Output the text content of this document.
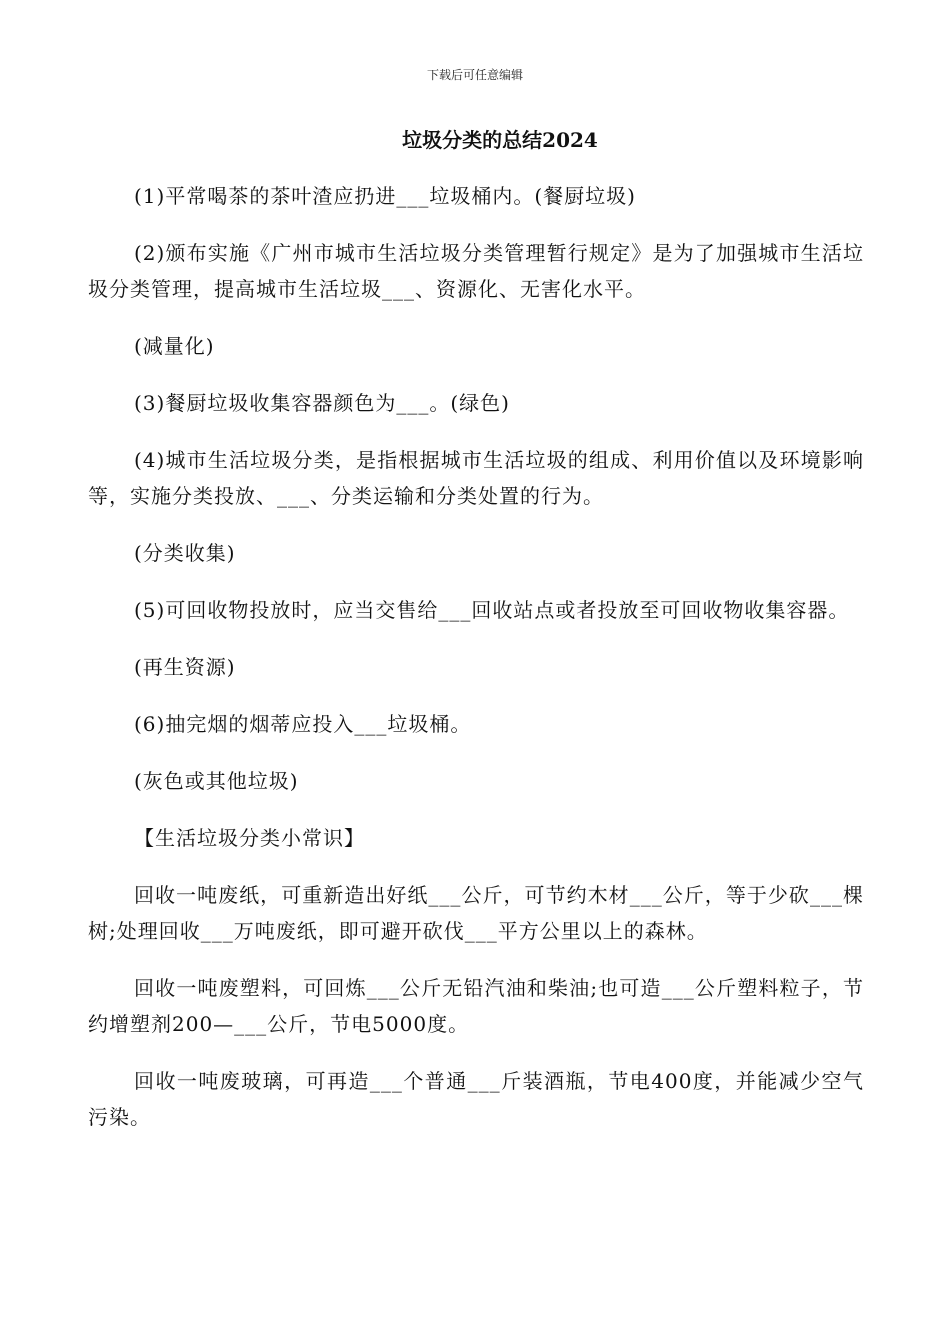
下载后可任意编辑
垃圾分类的总结2024

(1)平常喝茶的茶叶渣应扔进___垃圾桶内。(餐厨垃圾)

(2)颁布实施《广州市城市生活垃圾分类管理暂行规定》是为了加强城市生活垃圾分类管理，提高城市生活垃圾___、资源化、无害化水平。

(减量化)

(3)餐厨垃圾收集容器颜色为___。(绿色)

(4)城市生活垃圾分类，是指根据城市生活垃圾的组成、利用价值以及环境影响等，实施分类投放、___、分类运输和分类处置的行为。

(分类收集)

(5)可回收物投放时，应当交售给___回收站点或者投放至可回收物收集容器。

(再生资源)

(6)抽完烟的烟蒂应投入___垃圾桶。

(灰色或其他垃圾)

【生活垃圾分类小常识】

回收一吨废纸，可重新造出好纸___公斤，可节约木材___公斤，等于少砍___棵树;处理回收___万吨废纸，即可避开砍伐___平方公里以上的森林。

回收一吨废塑料，可回炼___公斤无铅汽油和柴油;也可造___公斤塑料粒子，节约增塑剂200—___公斤，节电5000度。

回收一吨废玻璃，可再造___个普通___斤装酒瓶，节电400度，并能减少空气污染。
